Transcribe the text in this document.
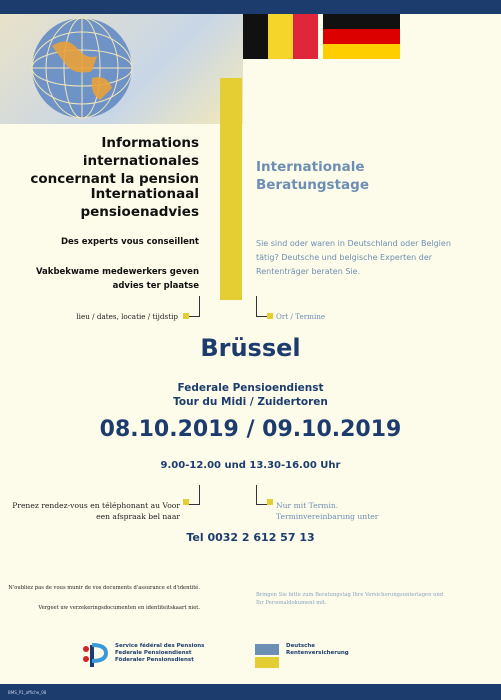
Informations internationales concernant la pension
Internationaal pensioenadvies
Des experts vous conseillent
Vakbekwame medewerkers geven advies ter plaatse
Internationale Beratungstage
Sie sind oder waren in Deutschland oder Belgien tätig? Deutsche und belgische Experten der Rententräger beraten Sie.
lieu / dates, locatie / tijdstip	Ort / Termine
Brüssel
Federale Pensioendienst
Tour du Midi / Zuidertoren
08.10.2019 / 09.10.2019
9.00-12.00 und 13.30-16.00 Uhr
Prenez rendez-vous en téléphonant au Voor een afspraak bel naar
Nur mit Termin. Terminvereinbarung unter
Tel 0032 2 612 57 13
N'oubliez pas de vous munir de vos documents d'assurance et d'identité.
Vergeet uw verzekeringsdocumenten en identiteitskaart niet.
Bringen Sie bitte zum Beratungstag Ihre Versicherungsunterlagen und Ihr Personaldokument mit.
Service fédéral des Pensions
Federale Pensioendienst
Föderaler Pensionsdienst
Deutsche
Rentenversicherung
BMS_P1_affiche_08
